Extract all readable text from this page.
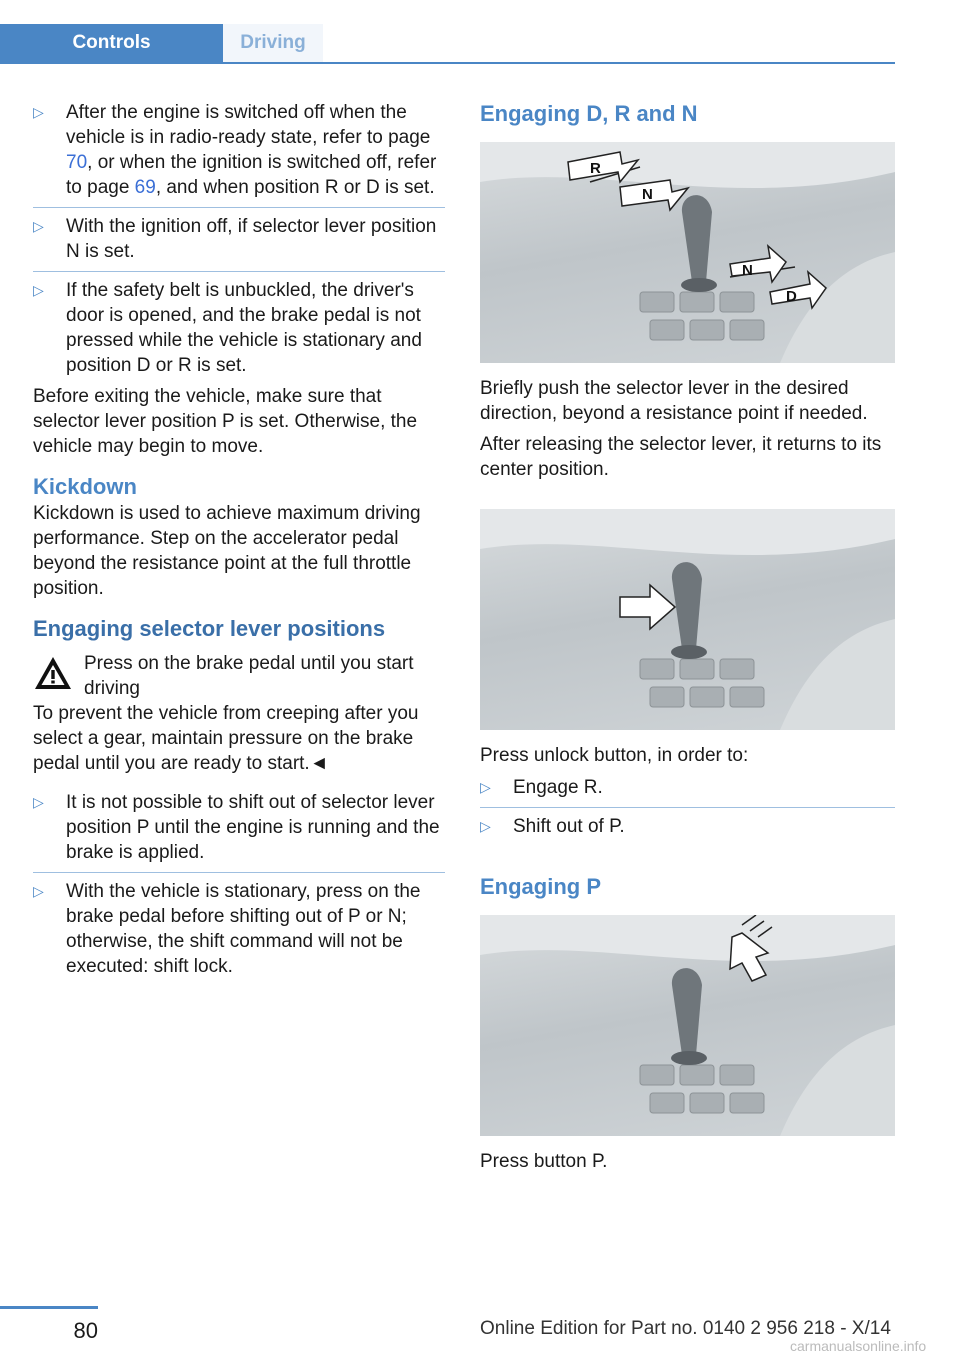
Controls	Driving
▷ After the engine is switched off when the vehicle is in radio-ready state, refer to page 70, or when the ignition is switched off, refer to page 69, and when position R or D is set.
▷ With the ignition off, if selector lever position N is set.
▷ If the safety belt is unbuckled, the driver's door is opened, and the brake pedal is not pressed while the vehicle is stationary and position D or R is set.

Before exiting the vehicle, make sure that selector lever position P is set. Otherwise, the vehicle may begin to move.

Kickdown

Kickdown is used to achieve maximum driving performance. Step on the accelerator pedal beyond the resistance point at the full throttle position.

Engaging selector lever positions
Press on the brake pedal until you start driving

To prevent the vehicle from creeping after you select a gear, maintain pressure on the brake pedal until you are ready to start.◄

▷ It is not possible to shift out of selector lever position P until the engine is running and the brake is applied.
▷ With the vehicle is stationary, press on the brake pedal before shifting out of P or N; otherwise, the shift command will not be executed: shift lock.
Engaging D, R and N
R
N
N
D

Briefly push the selector lever in the desired direction, beyond a resistance point if needed.

After releasing the selector lever, it returns to its center position.

Press unlock button, in order to:

▷ Engage R.
▷ Shift out of P.
Engaging P

Press button P.

80	Online Edition for Part no. 0140 2 956 218 - X/14
carmanualsonline.info
